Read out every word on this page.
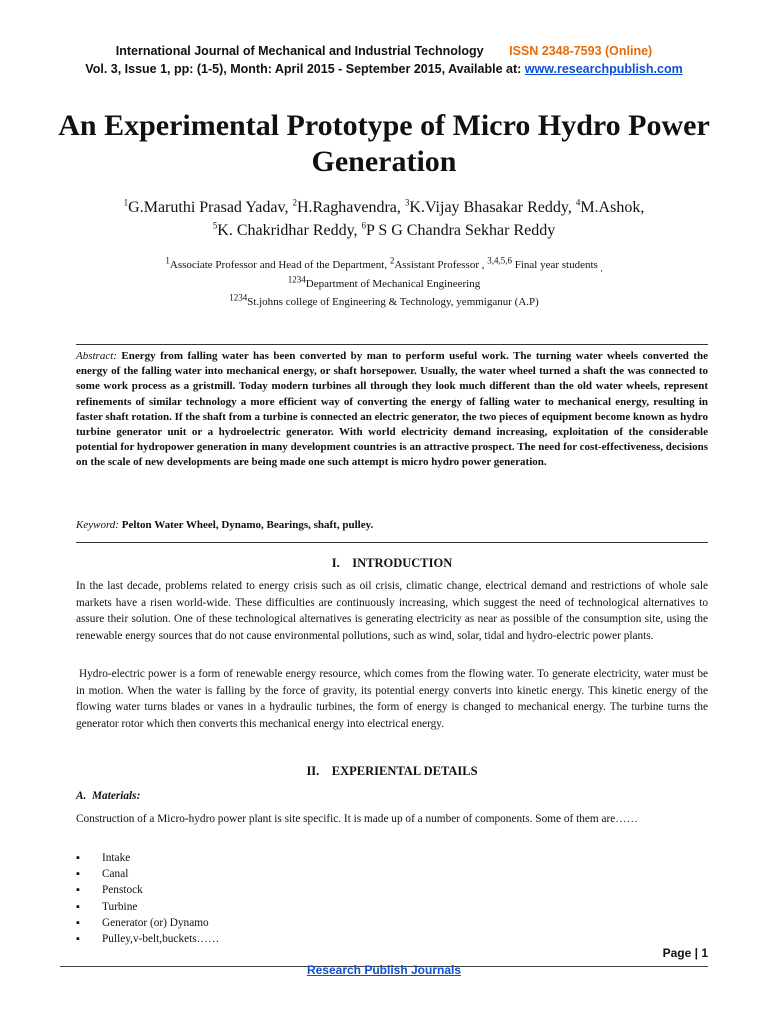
International Journal of Mechanical and Industrial Technology ISSN 2348-7593 (Online)
Vol. 3, Issue 1, pp: (1-5), Month: April 2015 - September 2015, Available at: www.researchpublish.com
An Experimental Prototype of Micro Hydro Power Generation
$^1$G.Maruthi Prasad Yadav, $^2$H.Raghavendra, $^3$K.Vijay Bhasakar Reddy, $^4$M.Ashok,
$^5$K. Chakridhar Reddy, $^6$P S G Chandra Sekhar Reddy
$^1$Associate Professor and Head of the Department, $^2$Assistant Professor , $^{3,4,5,6}$ Final year students $_,$
$^{1234}$Department of Mechanical Engineering
$^{1234}$St.johns college of Engineering & Technology, yemmiganur (A.P)
Abstract: Energy from falling water has been converted by man to perform useful work. The turning water wheels converted the energy of the falling water into mechanical energy, or shaft horsepower. Usually, the water wheel turned a shaft the was connected to some work process as a gristmill. Today modern turbines all through they look much different than the old water wheels, represent refinements of similar technology a more efficient way of converting the energy of falling water to mechanical energy, resulting in faster shaft rotation. If the shaft from a turbine is connected an electric generator, the two pieces of equipment become known as hydro turbine generator unit or a hydroelectric generator. With world electricity demand increasing, exploitation of the considerable potential for hydropower generation in many development countries is an attractive prospect. The need for cost-effectiveness, decisions on the scale of new developments are being made one such attempt is micro hydro power generation.
Keyword: Pelton Water Wheel, Dynamo, Bearings, shaft, pulley.
I.    INTRODUCTION

In the last decade, problems related to energy crisis such as oil crisis, climatic change, electrical demand and restrictions of whole sale markets have a risen world-wide. These difficulties are continuously increasing, which suggest the need of technological alternatives to assure their solution. One of these technological alternatives is generating electricity as near as possible of the consumption site, using the renewable energy sources that do not cause environmental pollutions, such as wind, solar, tidal and hydro-electric power plants.

Hydro-electric power is a form of renewable energy resource, which comes from the flowing water. To generate electricity, water must be in motion. When the water is falling by the force of gravity, its potential energy converts into kinetic energy. This kinetic energy of the flowing water turns blades or vanes in a hydraulic turbines, the form of energy is changed to mechanical energy. The turbine turns the generator rotor which then converts this mechanical energy into electrical energy.

II.    EXPERIENTAL DETAILS
A.  Materials:

Construction of a Micro-hydro power plant is site specific. It is made up of a number of components. Some of them are……

▪ Intake
▪ Canal
▪ Penstock
▪ Turbine
▪ Generator (or) Dynamo
▪ Pulley,v-belt,buckets……
Page | 1
Research Publish Journals
